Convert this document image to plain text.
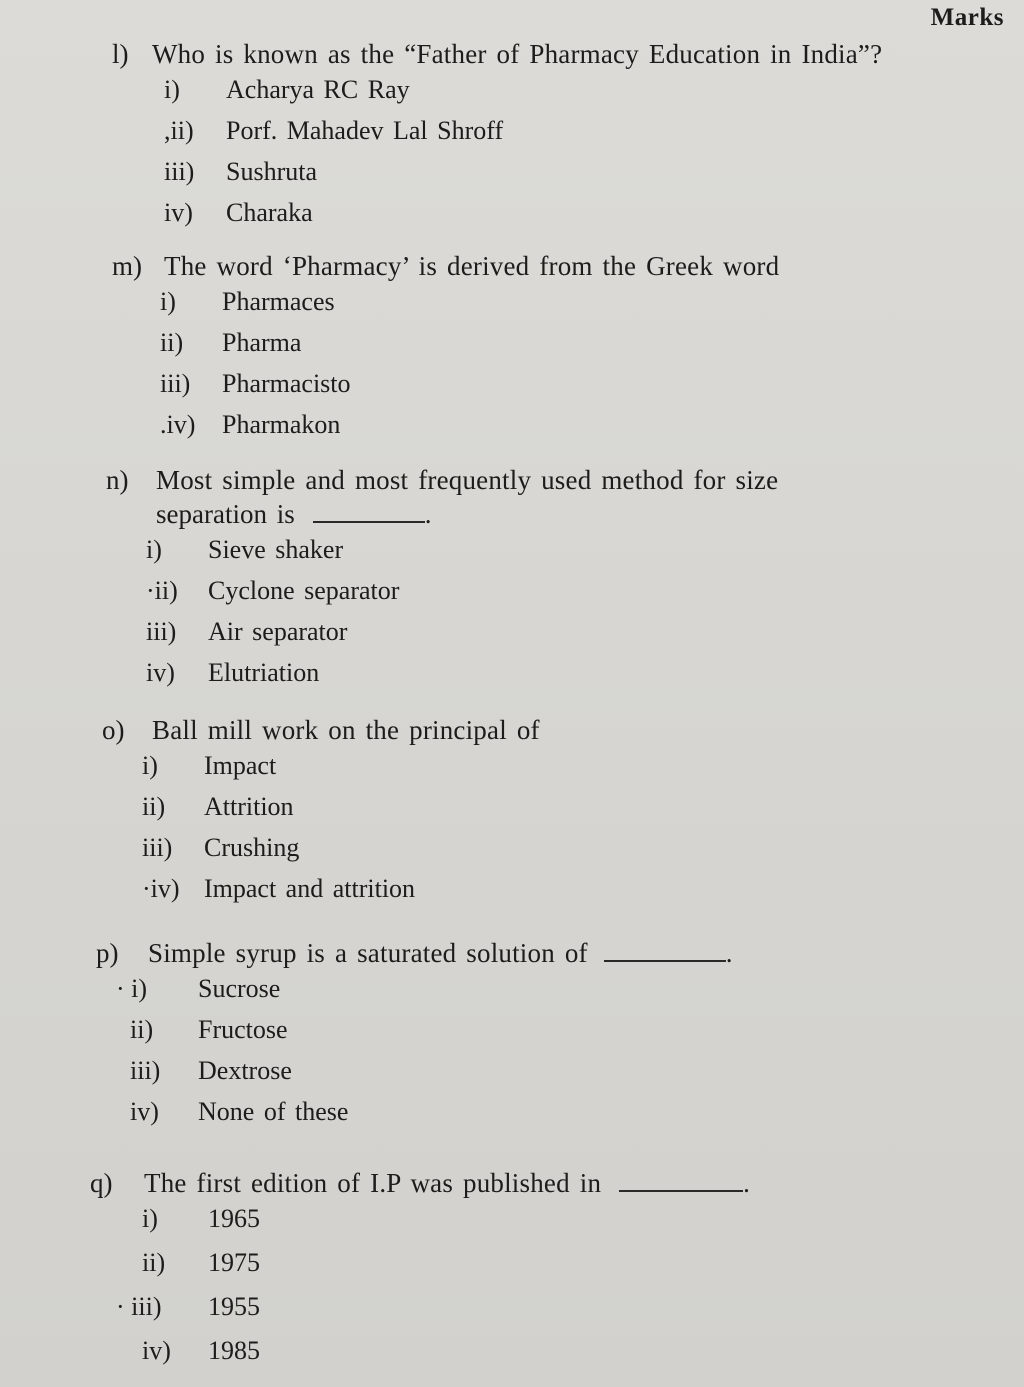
Marks
l) Who is known as the “Father of Pharmacy Education in India”?
i)	Acharya RC Ray
,ii)	Porf. Mahadev Lal Shroff
iii)	Sushruta
iv)	Charaka
m) The word ‘Pharmacy’ is derived from the Greek word
i)	Pharmaces
ii)	Pharma
iii)	Pharmacisto
.iv)	Pharmakon
n)	Most simple and most frequently used method for size
separation is	.
i)	Sieve shaker
·ii)	Cyclone separator
iii)	Air separator
iv)	Elutriation
o)	Ball mill work on the principal of
i)	Impact
ii)	Attrition
iii)	Crushing
·iv) Impact and attrition
p)	Simple syrup is a saturated solution of	.
· i)	Sucrose
ii)	Fructose
iii)	Dextrose
iv)	None of these
q)	The first edition of I.P was published in	.
i)	1965
ii)	1975
· iii)	1955
iv)	1985
